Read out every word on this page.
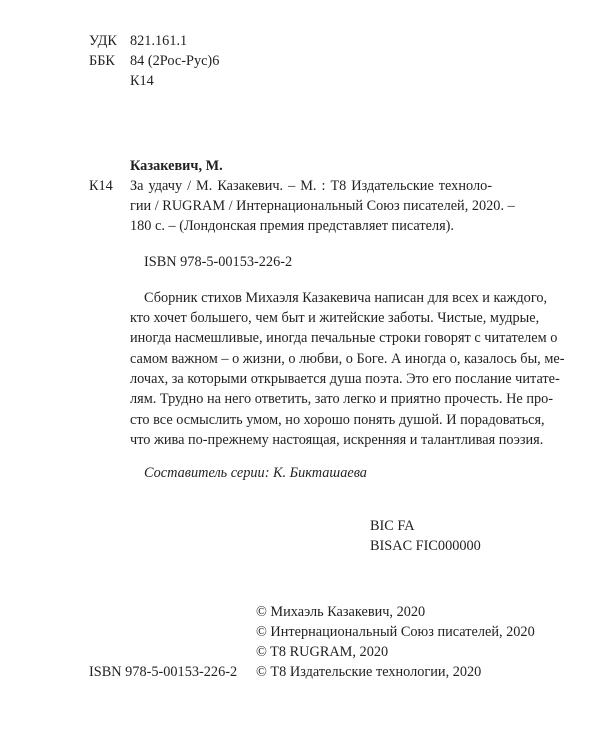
УДК 821.161.1
ББК 84 (2Рос-Рус)6
К14
Казакевич, М.
К14 За удачу / М. Казакевич. – М. : Т8 Издательские техноло-
гии / RUGRAM / Интернациональный Союз писателей, 2020. –
180 с. – (Лондонская премия представляет писателя).
ISBN 978-5-00153-226-2
Сборник стихов Михаэля Казакевича написан для всех и каждого,
кто хочет большего, чем быт и житейские заботы. Чистые, мудрые,
иногда насмешливые, иногда печальные строки говорят с читателем о
самом важном – о жизни, о любви, о Боге. А иногда о, казалось бы, ме-
лочах, за которыми открывается душа поэта. Это его послание читате-
лям. Трудно на него ответить, зато легко и приятно прочесть. Не про-
сто все осмыслить умом, но хорошо понять душой. И порадоваться,
что жива по-прежнему настоящая, искренняя и талантливая поэзия.
Составитель серии: К. Бикташаева
BIC FA
BISAC FIC000000
© Михаэль Казакевич, 2020
© Интернациональный Союз писателей, 2020
© T8 RUGRAM, 2020
ISBN 978-5-00153-226-2 © Т8 Издательские технологии, 2020
